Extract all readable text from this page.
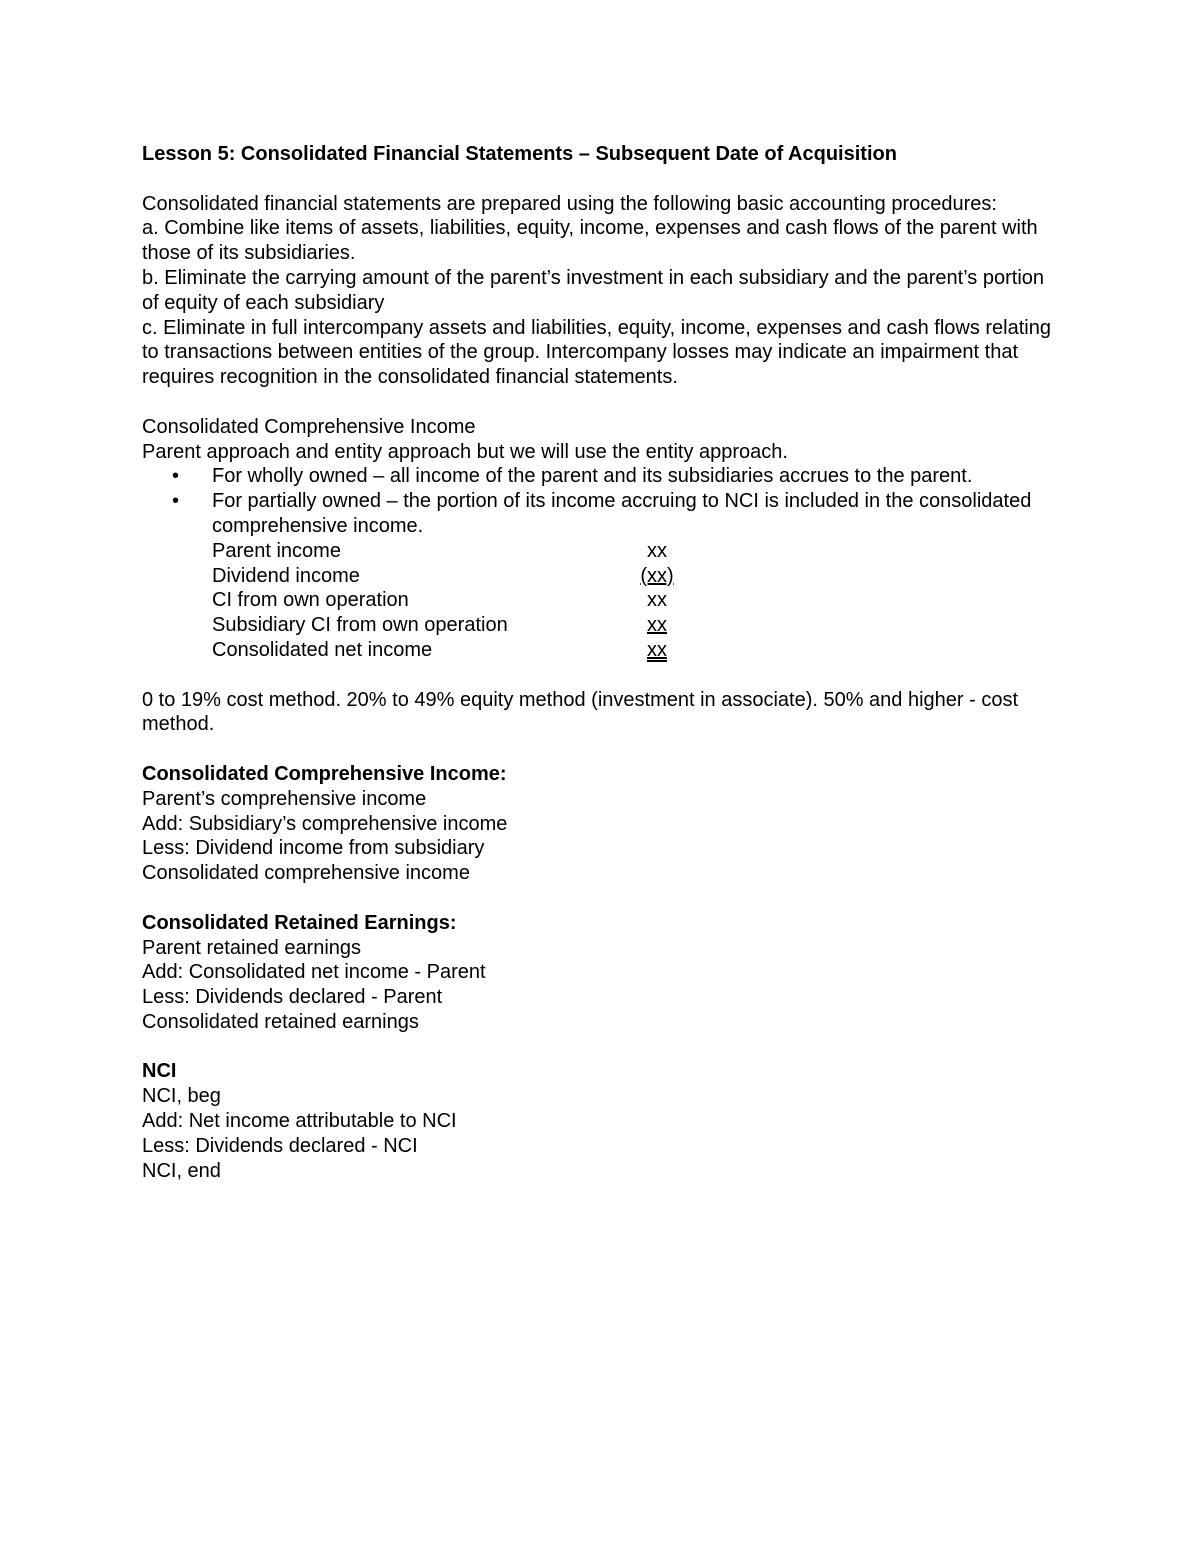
Lesson 5: Consolidated Financial Statements – Subsequent Date of Acquisition

Consolidated financial statements are prepared using the following basic accounting procedures:

a. Combine like items of assets, liabilities, equity, income, expenses and cash flows of the parent with those of its subsidiaries.

b. Eliminate the carrying amount of the parent’s investment in each subsidiary and the parent’s portion of equity of each subsidiary

c. Eliminate in full intercompany assets and liabilities, equity, income, expenses and cash flows relating to transactions between entities of the group. Intercompany losses may indicate an impairment that requires recognition in the consolidated financial statements.

Consolidated Comprehensive Income

Parent approach and entity approach but we will use the entity approach.

• For wholly owned – all income of the parent and its subsidiaries accrues to the parent.
• For partially owned – the portion of its income accruing to NCI is included in the consolidated comprehensive income.
Parent income	xx
Dividend income	(xx)
CI from own operation	xx
Subsidiary CI from own operation	xx
Consolidated net income	xx

0 to 19% cost method. 20% to 49% equity method (investment in associate). 50% and higher - cost method.

Consolidated Comprehensive Income:

Parent’s comprehensive income

Add: Subsidiary’s comprehensive income

Less: Dividend income from subsidiary

Consolidated comprehensive income

Consolidated Retained Earnings:

Parent retained earnings

Add: Consolidated net income - Parent

Less: Dividends declared - Parent

Consolidated retained earnings

NCI

NCI, beg

Add: Net income attributable to NCI

Less: Dividends declared - NCI

NCI, end
